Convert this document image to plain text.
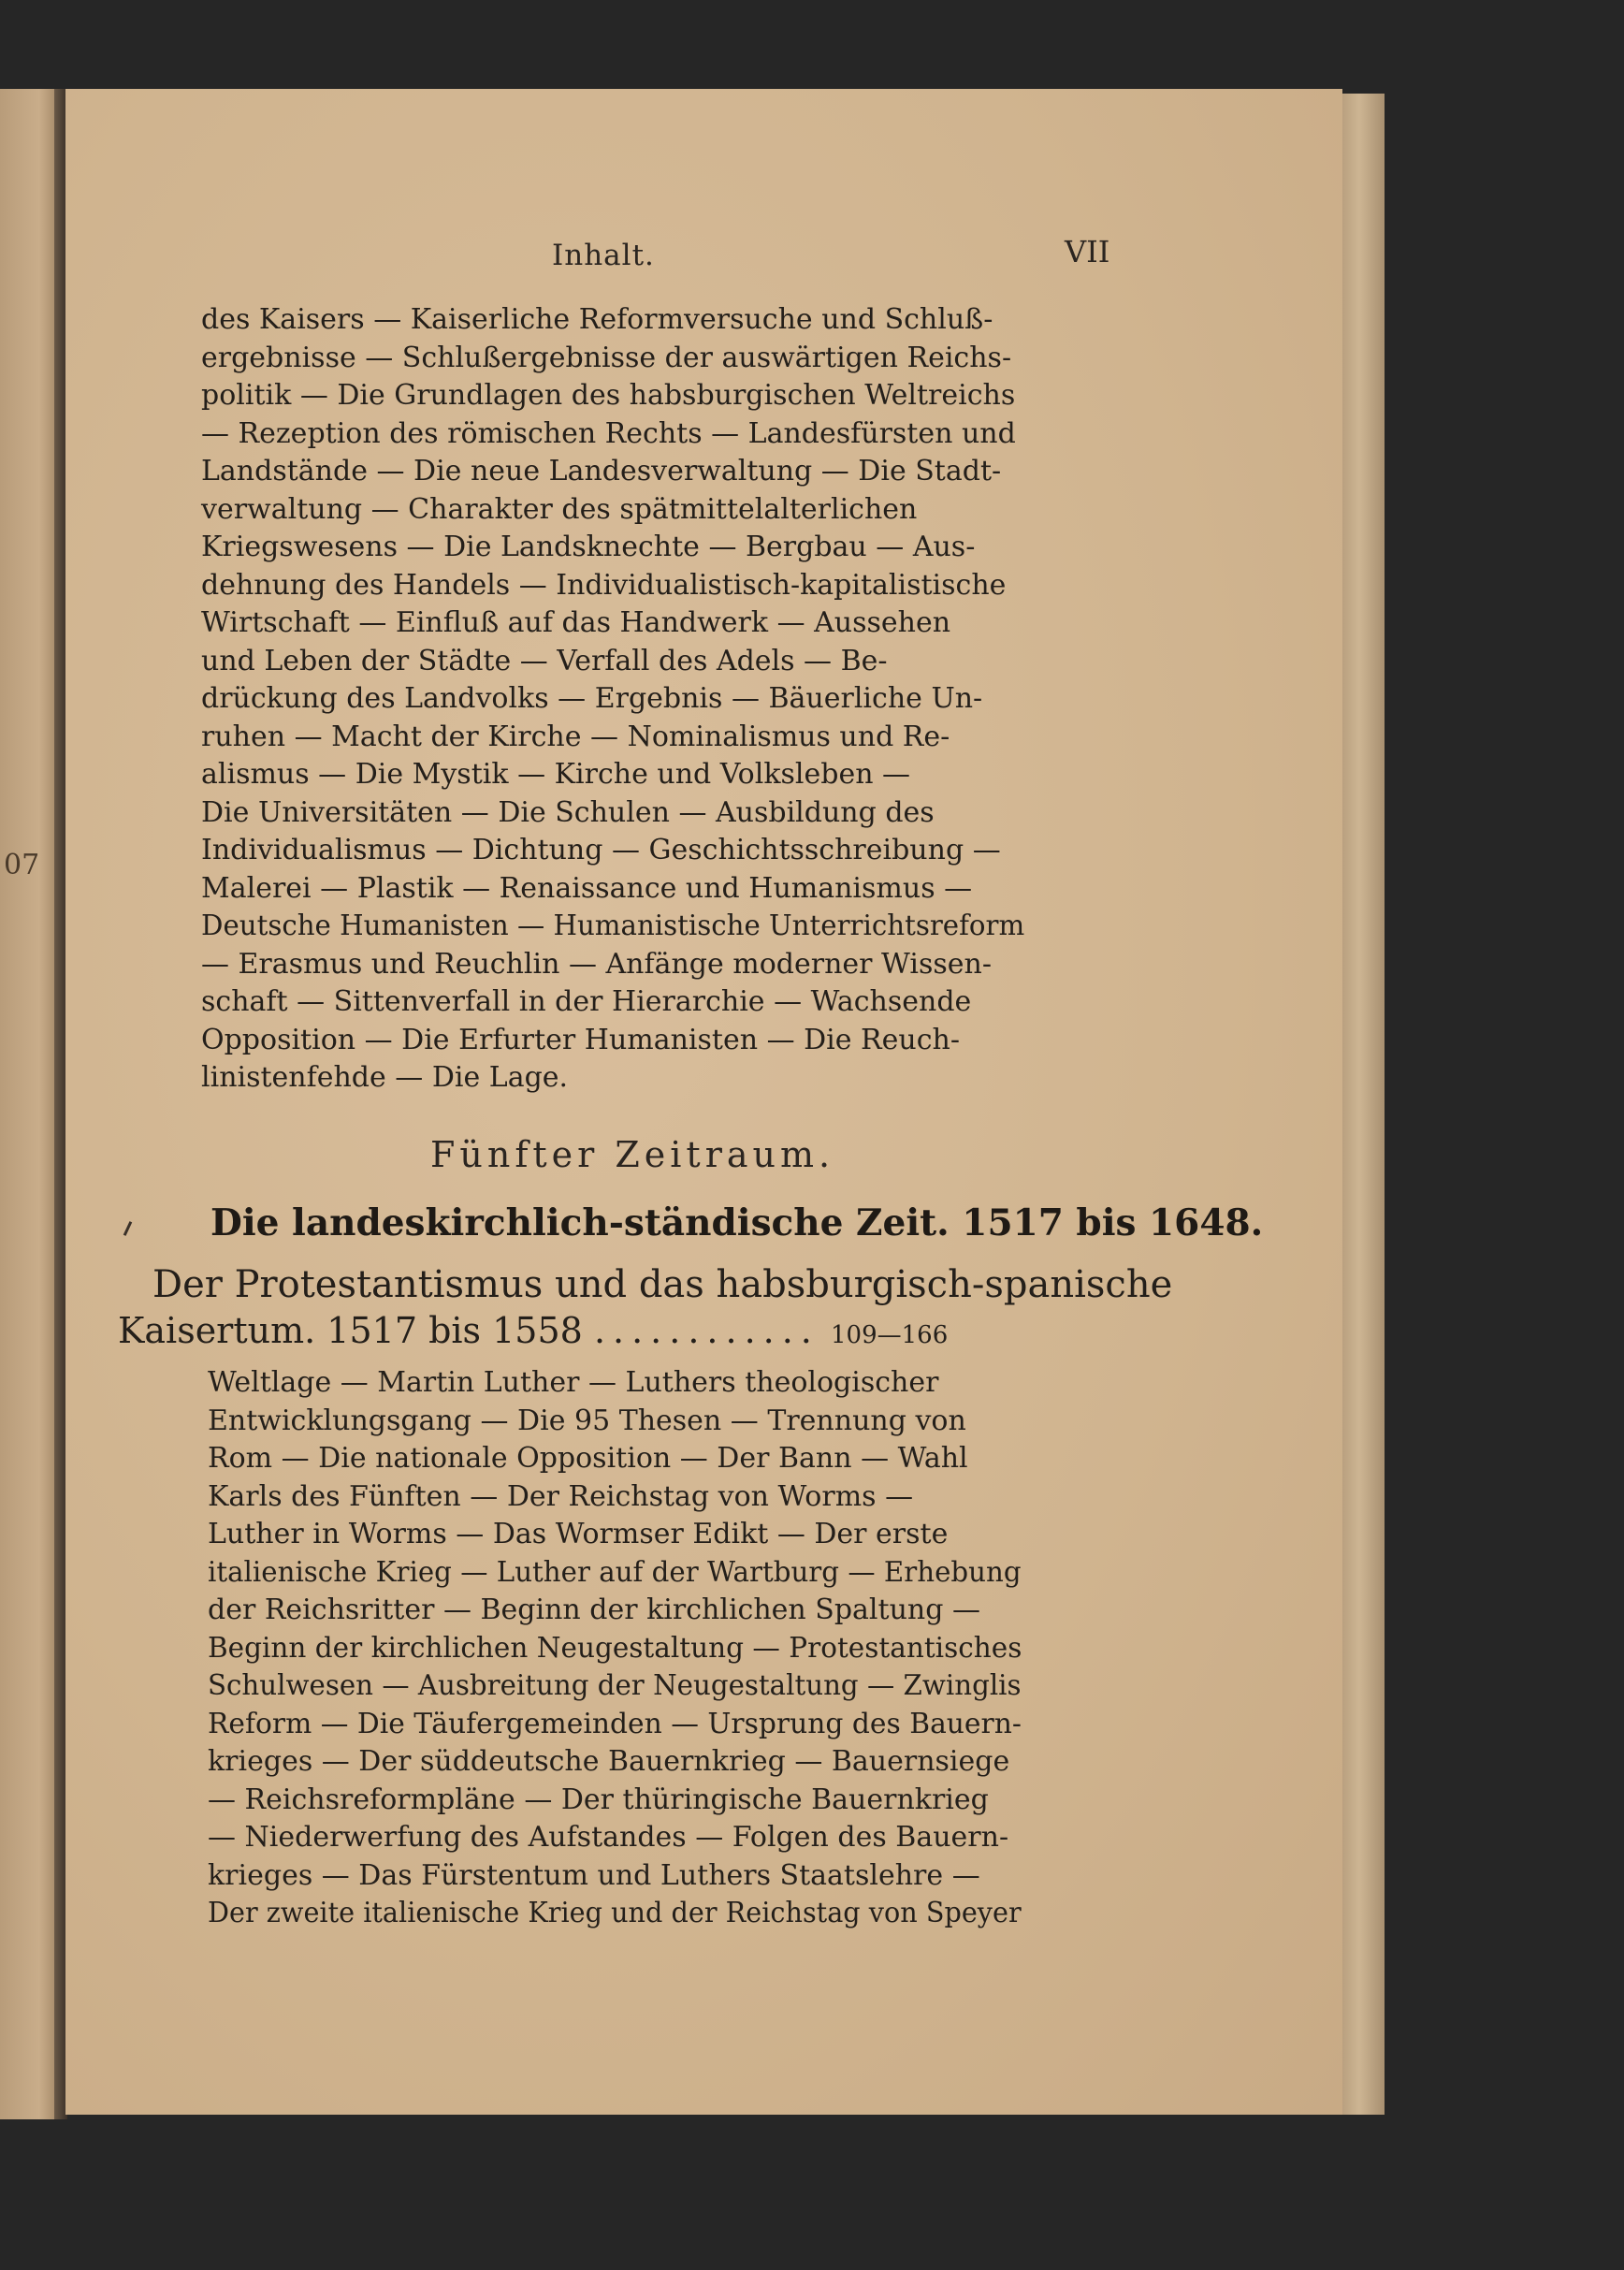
07
Inhalt.	VII
des Kaisers — Kaiserliche Reformversuche und Schluß-
ergebnisse — Schlußergebnisse der auswärtigen Reichs-
politik — Die Grundlagen des habsburgischen Weltreichs
— Rezeption des römischen Rechts — Landesfürsten und
Landstände — Die neue Landesverwaltung — Die Stadt-
verwaltung — Charakter des spätmittelalterlichen
Kriegswesens — Die Landsknechte — Bergbau — Aus-
dehnung des Handels — Individualistisch-kapitalistische
Wirtschaft — Einfluß auf das Handwerk — Aussehen
und Leben der Städte — Verfall des Adels — Be-
drückung des Landvolks — Ergebnis — Bäuerliche Un-
ruhen — Macht der Kirche — Nominalismus und Re-
alismus — Die Mystik — Kirche und Volksleben —
Die Universitäten — Die Schulen — Ausbildung des
Individualismus — Dichtung — Geschichtsschreibung —
Malerei — Plastik — Renaissance und Humanismus —
Deutsche Humanisten — Humanistische Unterrichtsreform
— Erasmus und Reuchlin — Anfänge moderner Wissen-
schaft — Sittenverfall in der Hierarchie — Wachsende
Opposition — Die Erfurter Humanisten — Die Reuch-
linistenfehde — Die Lage.
Fünfter Zeitraum.
Die landeskirchlich-ständische Zeit. 1517 bis 1648.
Der Protestantismus und das habsburgisch-spanische
Kaisertum. 1517 bis 1558 ............ 109—166
Weltlage — Martin Luther — Luthers theologischer
Entwicklungsgang — Die 95 Thesen — Trennung von
Rom — Die nationale Opposition — Der Bann — Wahl
Karls des Fünften — Der Reichstag von Worms —
Luther in Worms — Das Wormser Edikt — Der erste
italienische Krieg — Luther auf der Wartburg — Erhebung
der Reichsritter — Beginn der kirchlichen Spaltung —
Beginn der kirchlichen Neugestaltung — Protestantisches
Schulwesen — Ausbreitung der Neugestaltung — Zwinglis
Reform — Die Täufergemeinden — Ursprung des Bauern-
krieges — Der süddeutsche Bauernkrieg — Bauernsiege
— Reichsreformpläne — Der thüringische Bauernkrieg
— Niederwerfung des Aufstandes — Folgen des Bauern-
krieges — Das Fürstentum und Luthers Staatslehre —
Der zweite italienische Krieg und der Reichstag von Speyer
